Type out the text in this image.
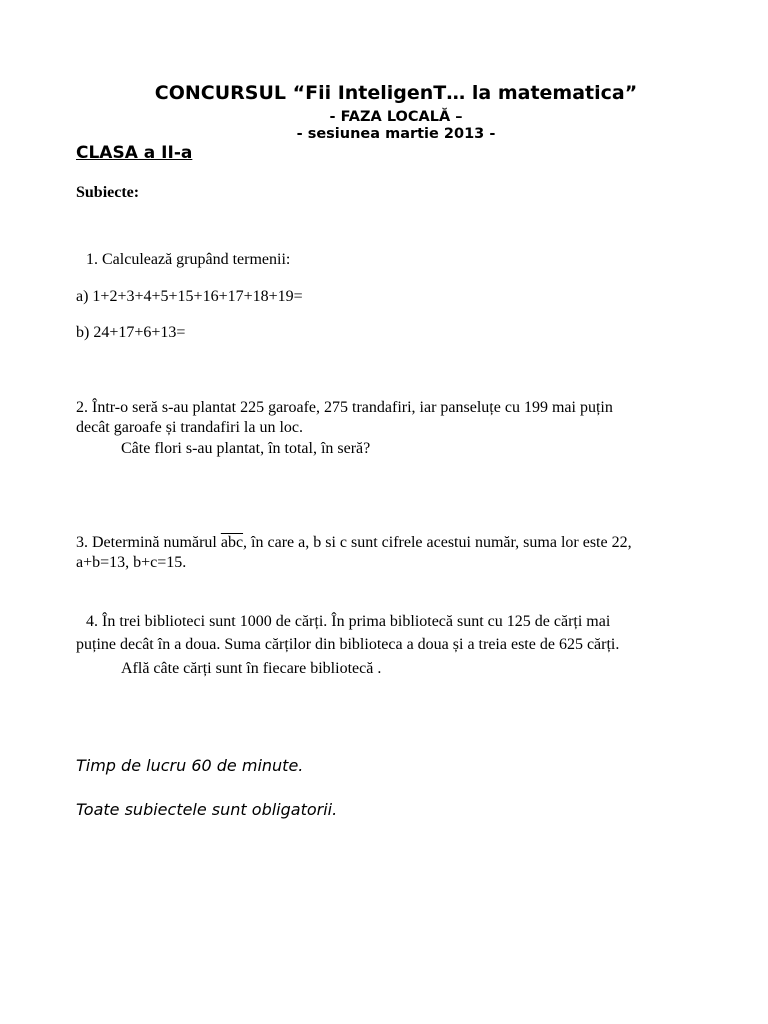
CONCURSUL “Fii InteligenT… la matematica”
- FAZA LOCALĂ –
- sesiunea martie 2013 -
CLASA a II-a
Subiecte:
1. Calculează grupând termenii:
a) 1+2+3+4+5+15+16+17+18+19=
b) 24+17+6+13=
2. Într-o seră s-au plantat 225 garoafe, 275 trandafiri, iar panseluțe cu 199 mai puțin
decât garoafe și trandafiri la un loc.
Câte flori s-au plantat, în total, în seră?
3. Determină numărul $\overline{abc}$, în care a, b si c sunt cifrele acestui număr, suma lor este 22,
a+b=13, b+c=15.
4. În trei biblioteci sunt 1000 de cărți. În prima bibliotecă sunt cu 125 de cărți mai
puține decât în a doua. Suma cărților din biblioteca a doua și a treia este de 625 cărți.
Află câte cărți sunt în fiecare bibliotecă .
Timp de lucru 60 de minute.
Toate subiectele sunt obligatorii.
